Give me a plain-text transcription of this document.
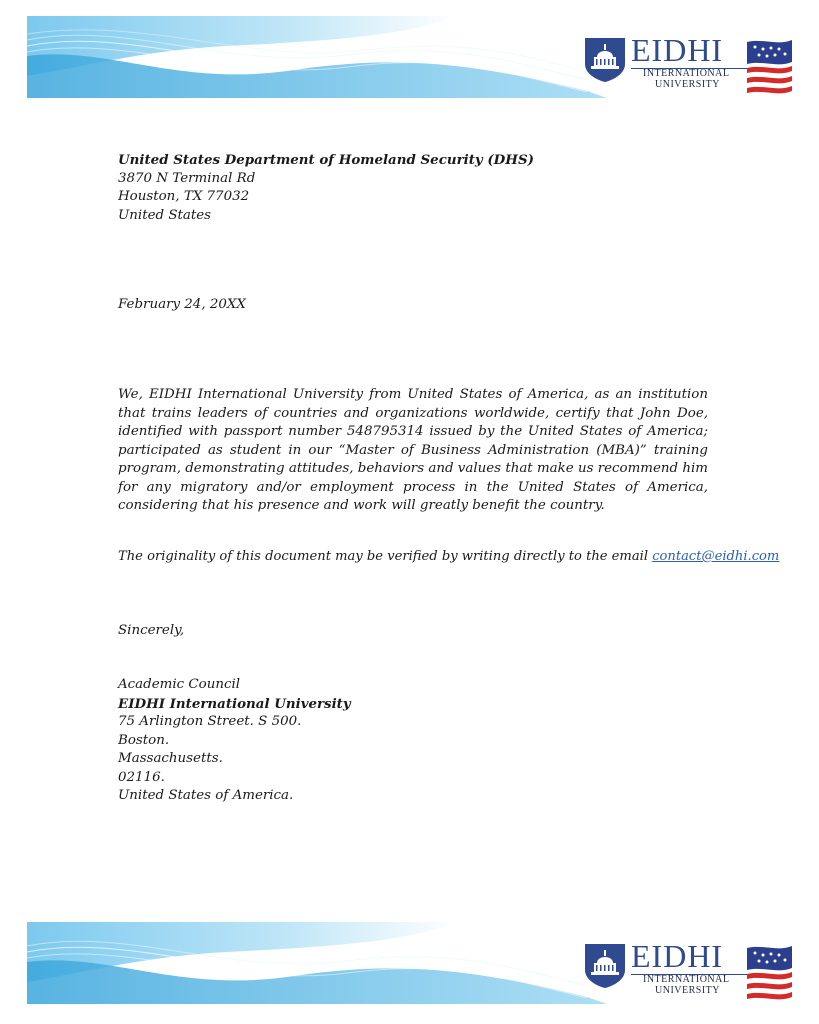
EIDHI
INTERNATIONAL
UNIVERSITY
United States Department of Homeland Security (DHS)
3870 N Terminal Rd
Houston, TX 77032
United States
February 24, 20XX
We, EIDHI International University from United States of America, as an institution that trains leaders of countries and organizations worldwide, certify that John Doe, identified with passport number 548795314 issued by the United States of America; participated as student in our “Master of Business Administration (MBA)” training program, demonstrating attitudes, behaviors and values that make us recommend him for any migratory and/or employment process in the United States of America, considering that his presence and work will greatly benefit the country.
The originality of this document may be verified by writing directly to the email contact@eidhi.com
Sincerely,
Academic Council
EIDHI International University
75 Arlington Street. S 500.
Boston.
Massachusetts.
02116.
United States of America.
EIDHI
INTERNATIONAL
UNIVERSITY
